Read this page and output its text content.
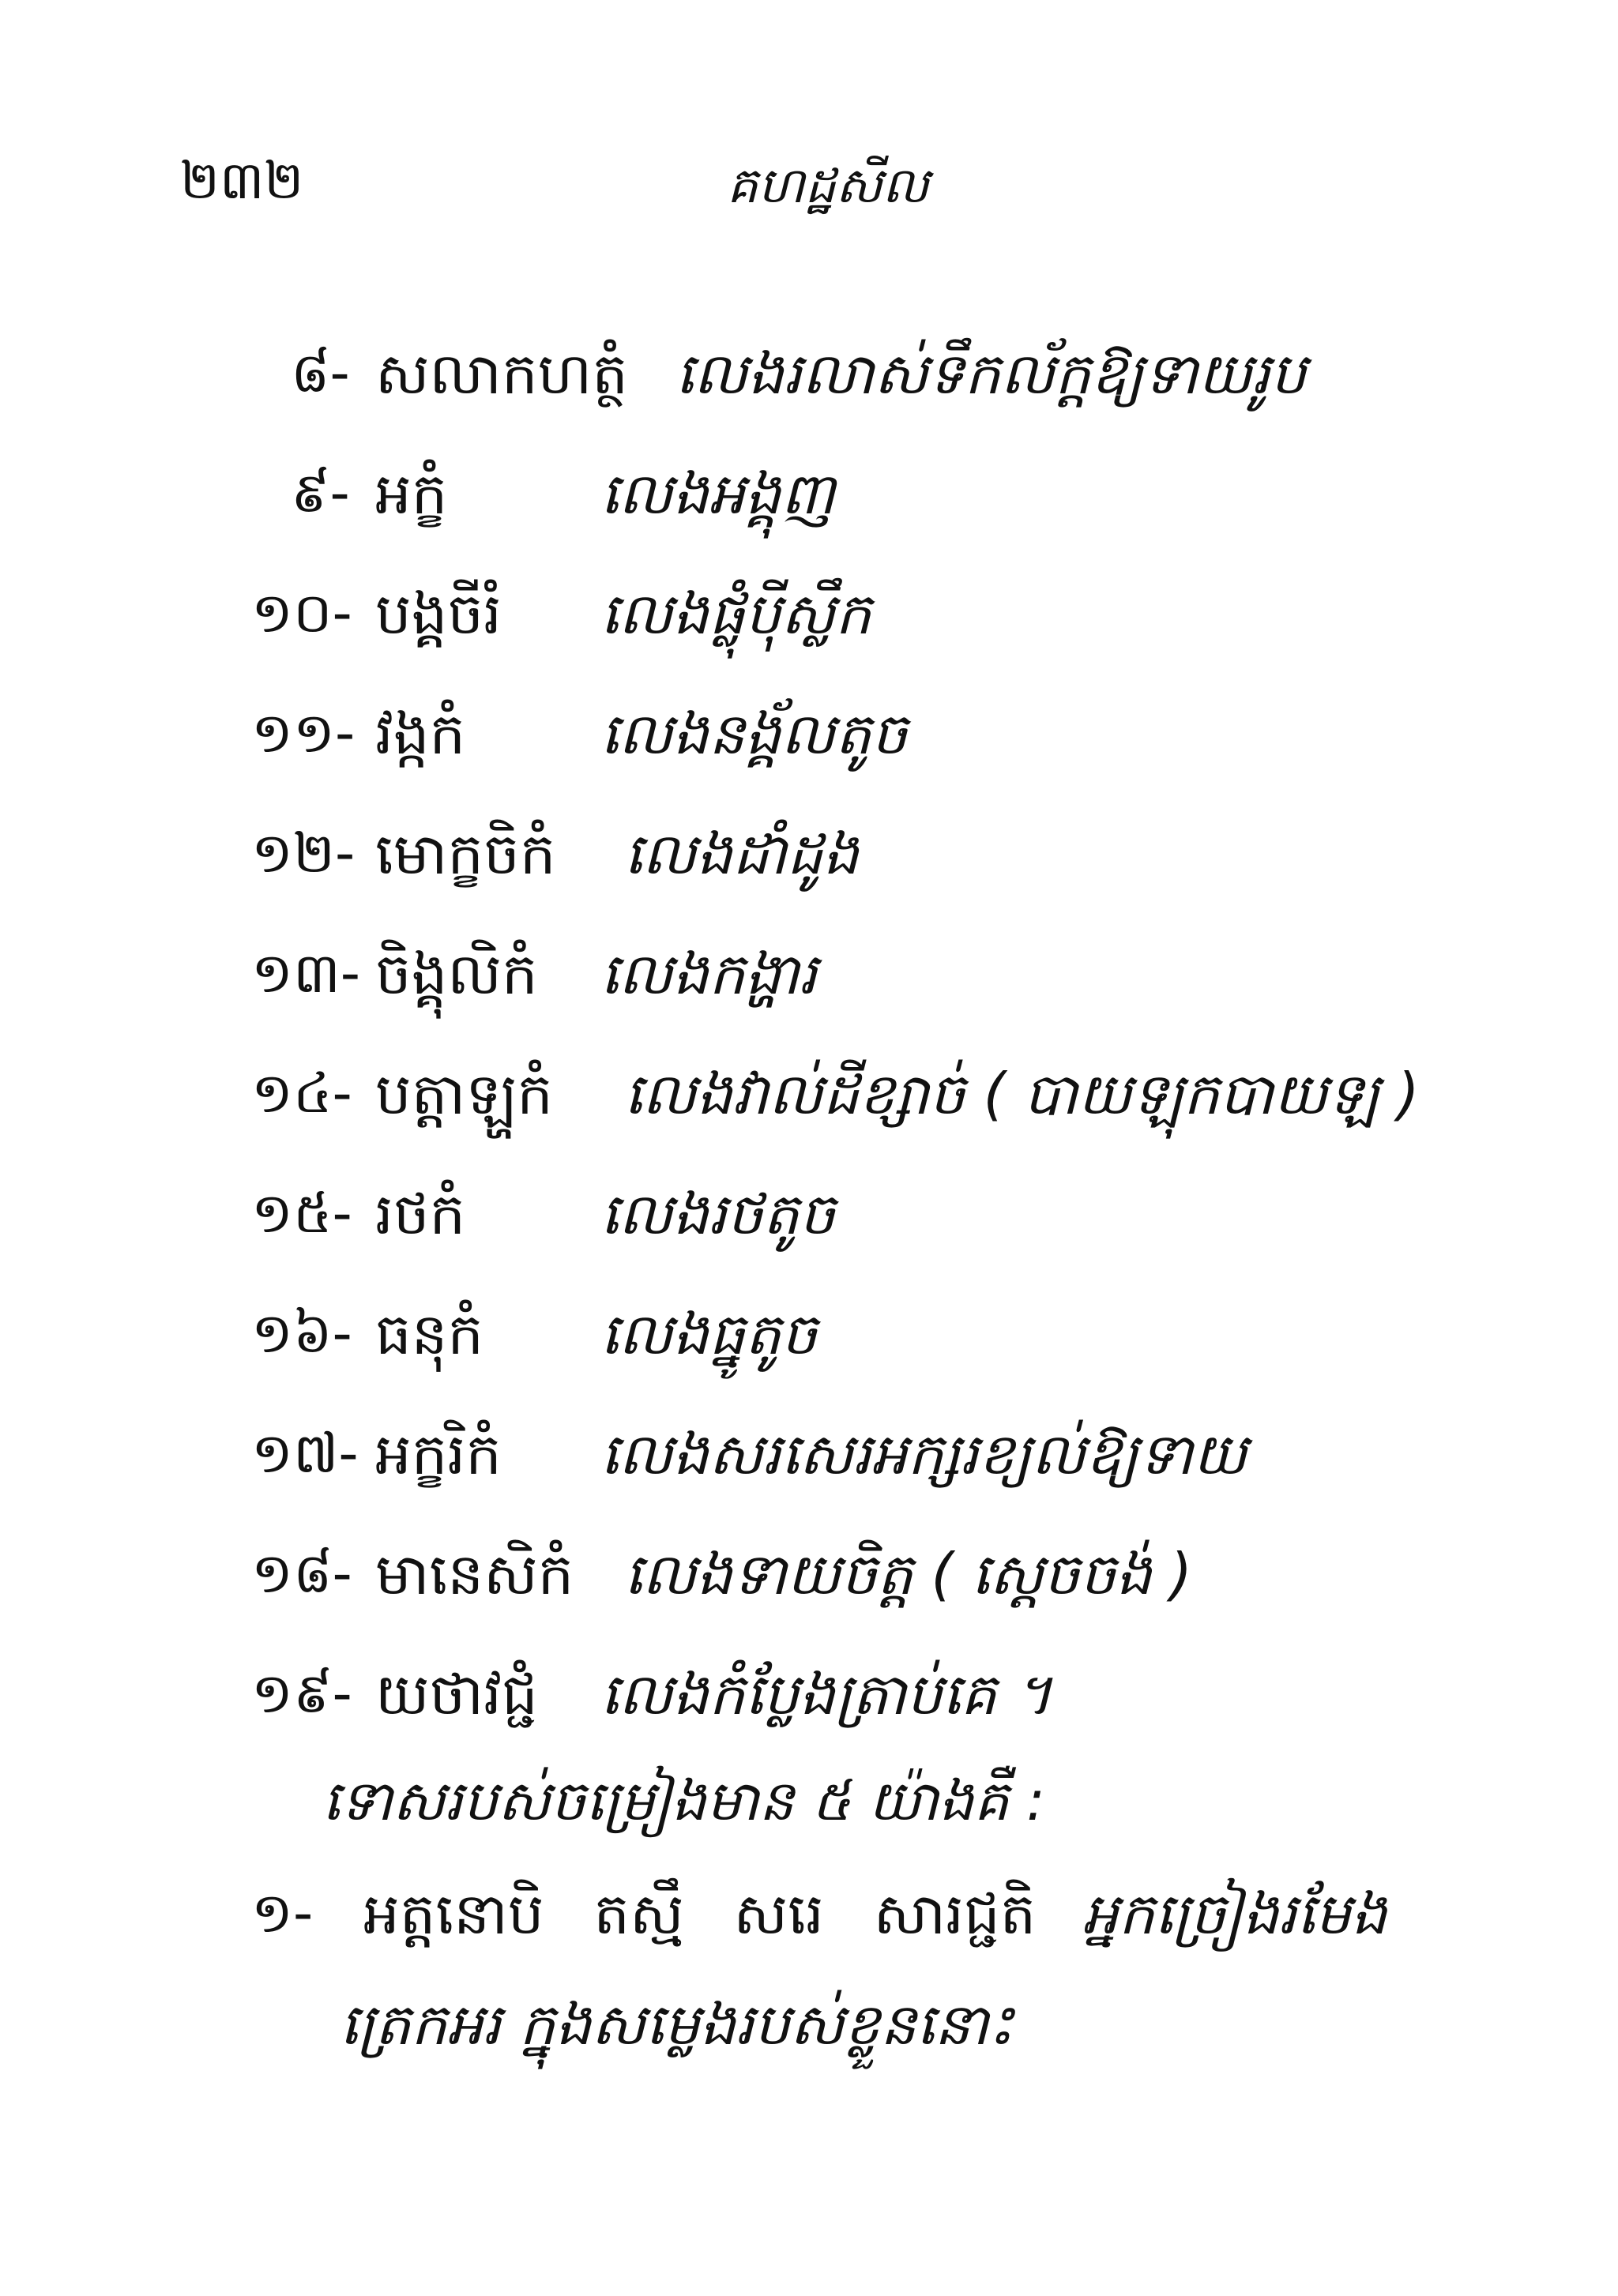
២៣២	គហដ្ឋសីល
៨- សលាកហត្ថំ លេងរលាស់ទឹកល័ក្តឱ្យទាយរូប
៩- អក្ខំ	លេងអង្គុញ
១០- បង្គចីរំ លេងផ្លុំប៉ីស្លឹក
១១- វង្កកំ លេងនង្គ័លតូច
១២- មោក្ខចិកំ លេងដាំដូង
១៣- ចិង្គុលិកំ លេងកង្ហារ
១៤- បត្តាឡ្ហកំ លេងវាល់ដីខ្សាច់ ( បាយឡុកបាយឡ )
១៥- រថកំ លេងរថតូច
១៦- ធនុកំ លេងធ្នូតូច
១៧- អក្ខរិកំ លេងសរសេរអក្សរខ្យល់ឱ្យទាយ
១៨- មានេសិកំ លេងទាយចិត្ត ( ស្តេចចង់ )
១៩- យថាវជ្ជំ លេងកំប្លែងត្រាប់គេ ។
ទោសរបស់ចម្រៀងមាន ៥ យ៉ាងគឺ :
១- អត្តនោបិ តស្មឹ សរេ សារជ្ជតិ អ្នកច្រៀងរមែង
ត្រេកអរ ក្នុងសម្លេងរបស់ខ្លួននោះ
